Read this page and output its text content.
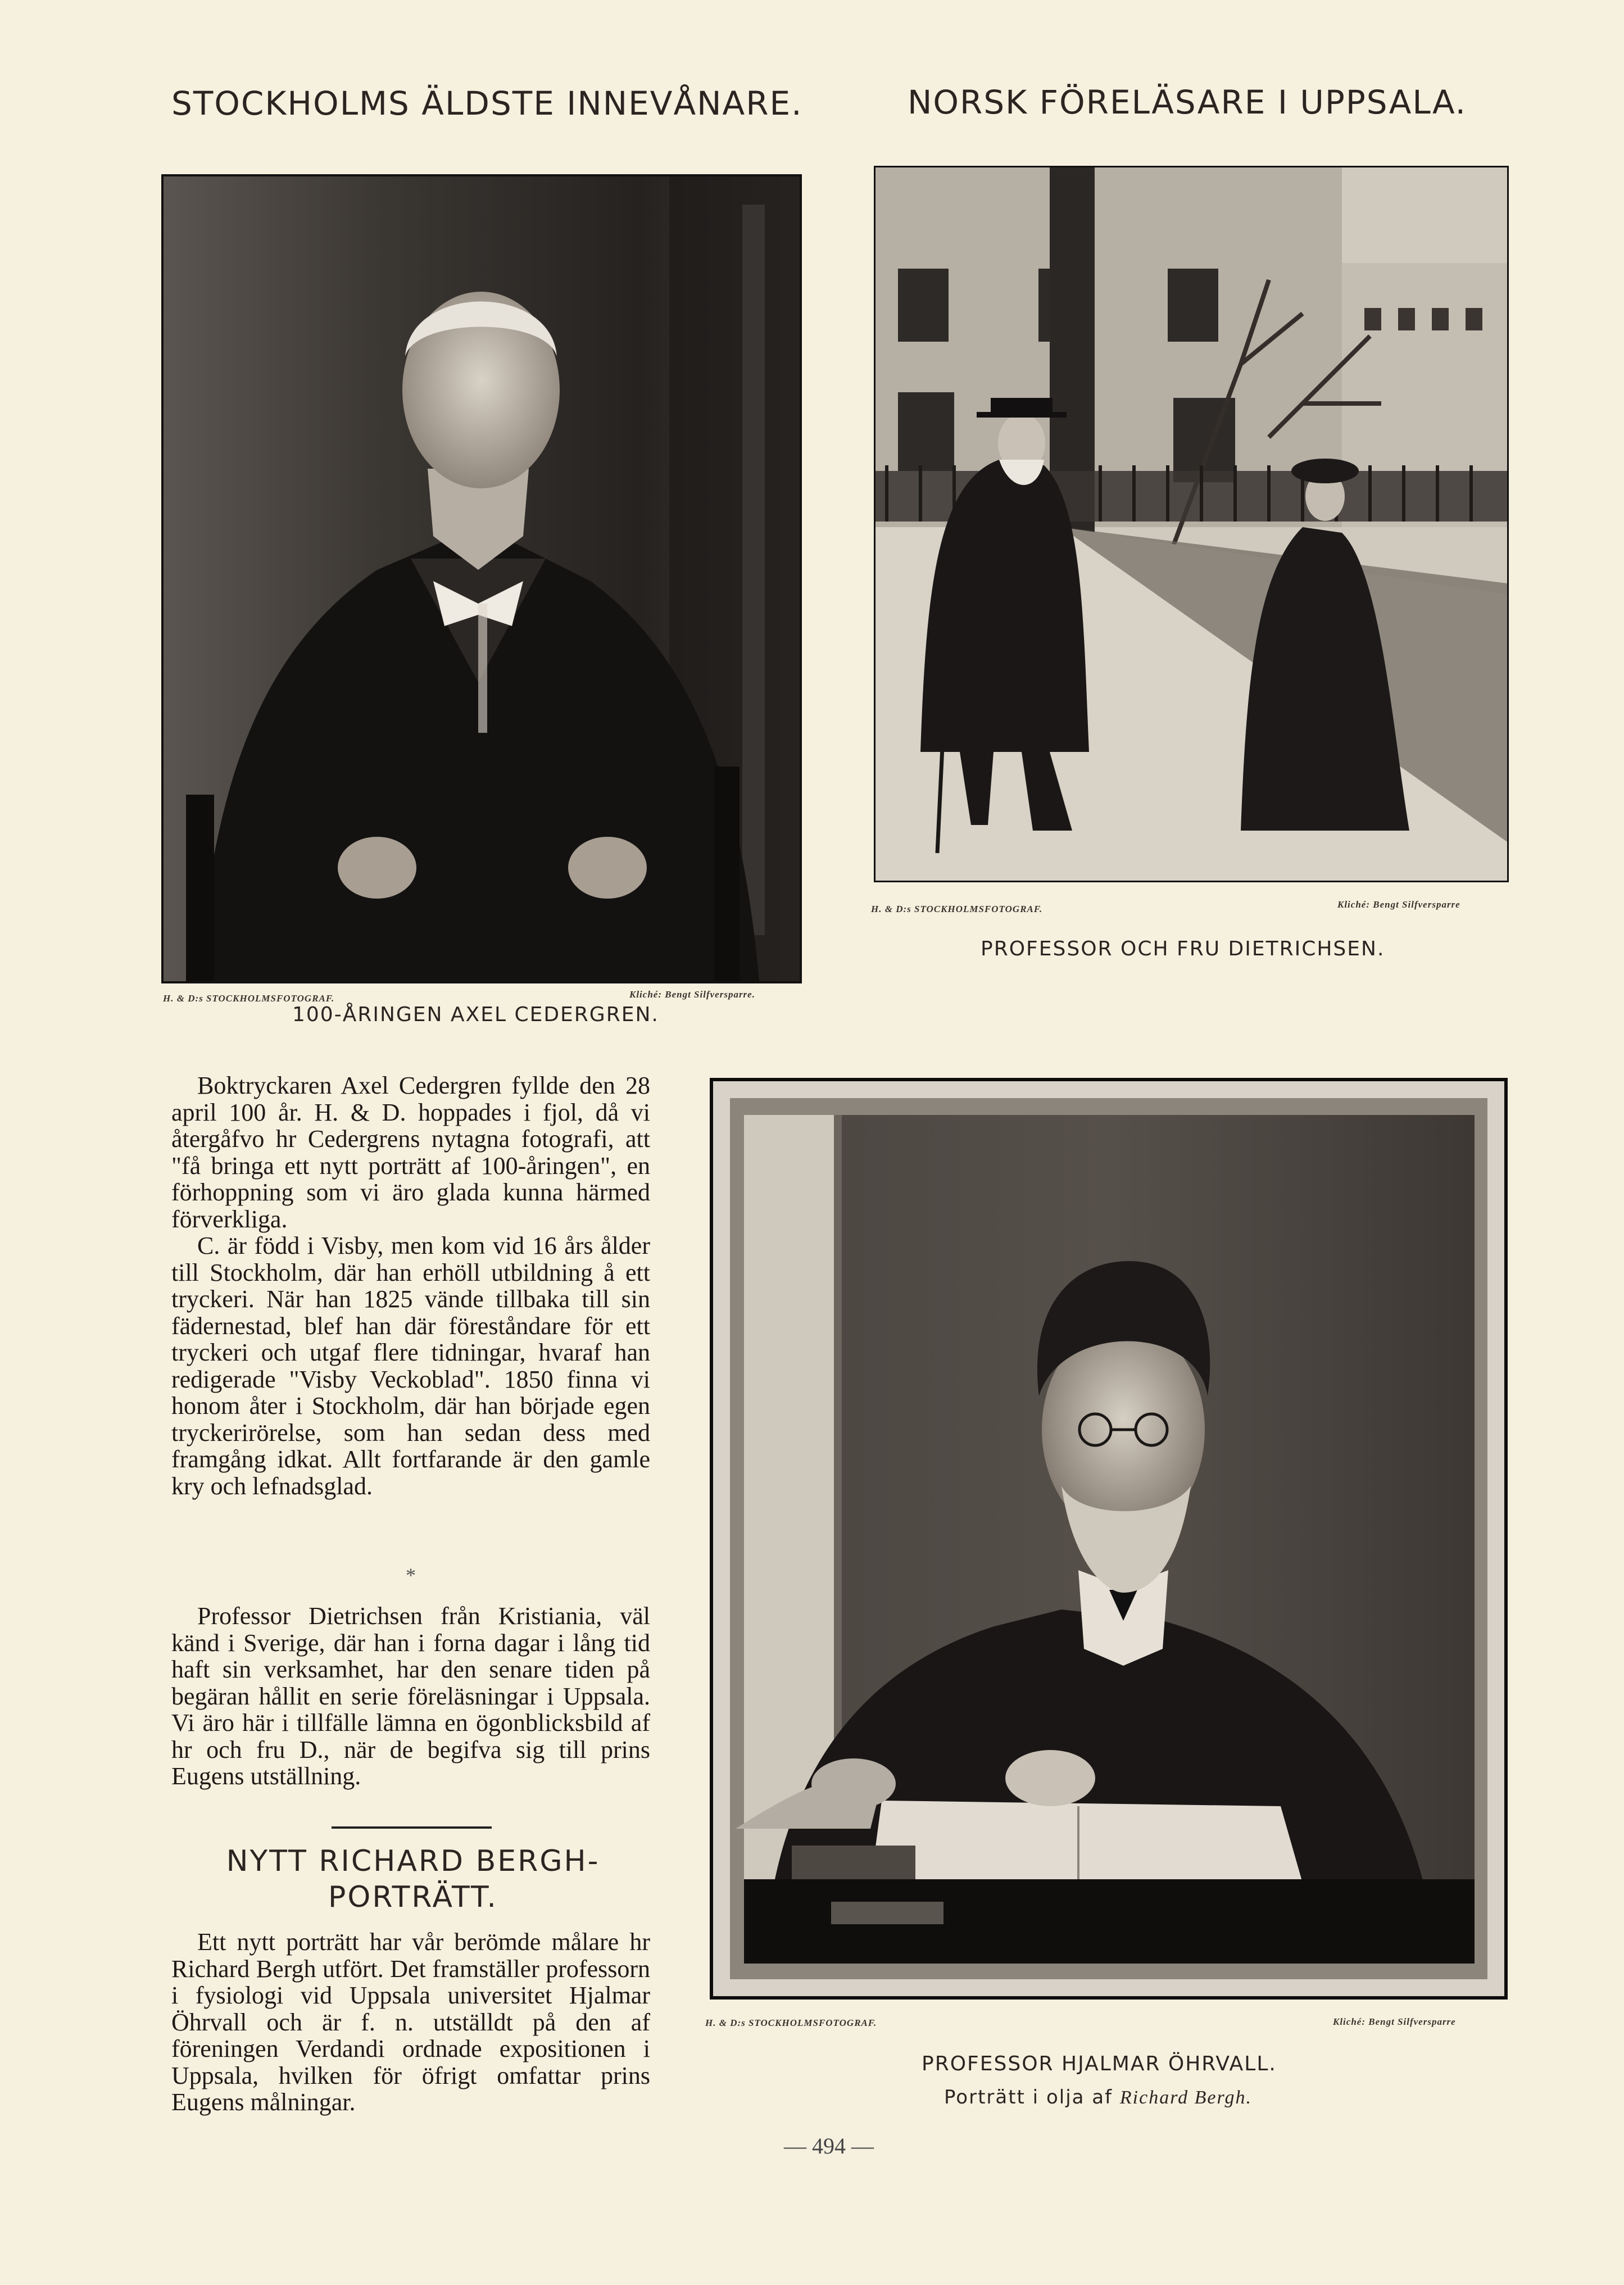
STOCKHOLMS ÄLDSTE INNEVÅNARE.	NORSK FÖRELÄSARE I UPPSALA.
H. & D:s STOCKHOLMSFOTOGRAF.	Kliché: Bengt Silfversparre.
100-ÅRINGEN AXEL CEDERGREN.
H. & D:s STOCKHOLMSFOTOGRAF.	Kliché: Bengt Silfversparre
PROFESSOR OCH FRU DIETRICHSEN.
H. & D:s STOCKHOLMSFOTOGRAF.	Kliché: Bengt Silfversparre
PROFESSOR HJALMAR ÖHRVALL.
Porträtt i olja af Richard Bergh.

Boktryckaren Axel Cedergren fyllde den 28 april 100 år. H. & D. hoppades i fjol, då vi återgåfvo hr Cedergrens nytagna fotografi, att "få bringa ett nytt porträtt af 100-åringen", en förhoppning som vi äro glada kunna härmed förverkliga.

C. är född i Visby, men kom vid 16 års ålder till Stockholm, där han erhöll utbildning å ett tryckeri. När han 1825 vände tillbaka till sin fädernestad, blef han där föreståndare för ett tryckeri och utgaf flere tidningar, hvaraf han redigerade "Visby Veckoblad". 1850 finna vi honom åter i Stockholm, där han började egen tryckerirörelse, som han sedan dess med framgång idkat. Allt fortfarande är den gamle kry och lefnadsglad.

*

Professor Dietrichsen från Kristiania, väl känd i Sverige, där han i forna dagar i lång tid haft sin verksamhet, har den senare tiden på begäran hållit en serie föreläsningar i Uppsala. Vi äro här i tillfälle lämna en ögonblicksbild af hr och fru D., när de begifva sig till prins Eugens utställning.

NYTT RICHARD BERGH-PORTRÄTT.

Ett nytt porträtt har vår berömde målare hr Richard Bergh utfört. Det framställer professorn i fysiologi vid Uppsala universitet Hjalmar Öhrvall och är f. n. utställdt på den af föreningen Verdandi ordnade expositionen i Uppsala, hvilken för öfrigt omfattar prins Eugens målningar.

— 494 —
